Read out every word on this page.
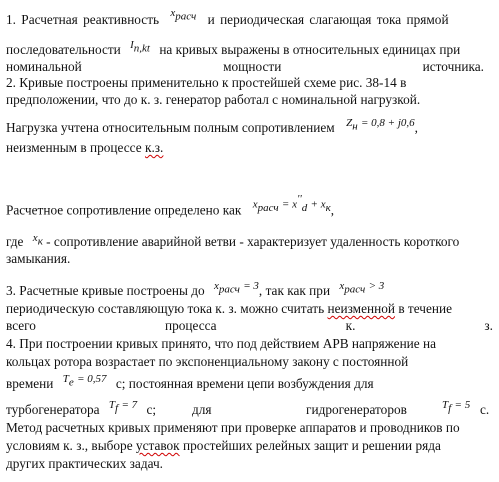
1. Расчетная реактивность $x_{расч}$ и периодическая слагающая тока прямой
последовательности $I_{n,kt}$ на кривых выражены в относительных единицах при
номинальной	мощности	источника.
2. Кривые построены применительно к простейшей схеме рис. 38-14 в
предположении, что до к. з. генератор работал с номинальной нагрузкой.
Нагрузка учтена относительным полным сопротивлением $Z_н = 0,8 + j0,6$,
неизменным в процессе к.з.
Расчетное сопротивление определено как $x_{расч} = x''_d + x_к$,
где $x_к$ - сопротивление аварийной ветви - характеризует удаленность короткого
замыкания.
3. Расчетные кривые построены до $x_{расч} = 3$, так как при $x_{расч} > 3$
периодическую составляющую тока к. з. можно считать неизменной в течение
всего	процесса	к.	з.
4. При построении кривых принято, что под действием АРВ напряжение на
кольцах ротора возрастает по экспоненциальному закону с постоянной
времени $T_e = 0,57$ с; постоянная времени цепи возбуждения для
турбогенератора $T_f = 7$ с;	для	гидрогенераторов	$T_f = 5$ с.
Метод расчетных кривых применяют при проверке аппаратов и проводников по
условиям к. з., выборе уставок простейших релейных защит и решении ряда
других практических задач.
